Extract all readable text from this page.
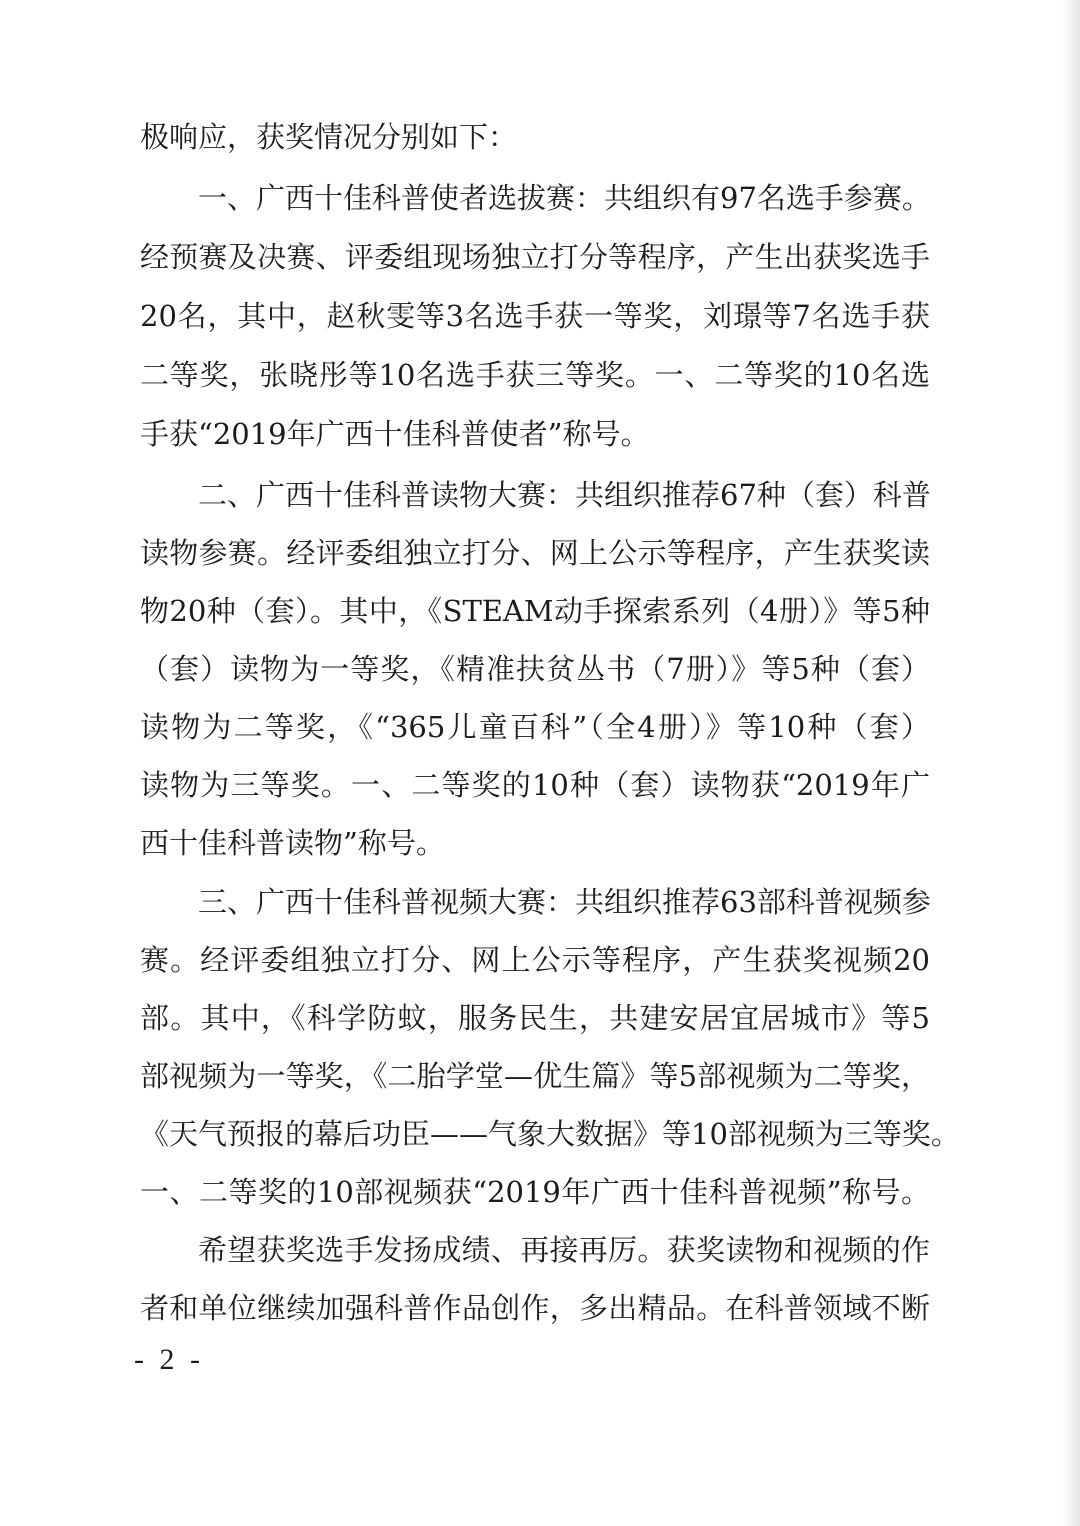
极响应，获奖情况分别如下：
一、广西十佳科普使者选拔赛：共组织有97名选手参赛。
经预赛及决赛、评委组现场独立打分等程序，产生出获奖选手
20名，其中，赵秋雯等3名选手获一等奖，刘璟等7名选手获
二等奖，张晓彤等10名选手获三等奖。一、二等奖的10名选
手获“2019年广西十佳科普使者”称号。
二、广西十佳科普读物大赛：共组织推荐67种（套）科普
读物参赛。经评委组独立打分、网上公示等程序，产生获奖读
物20种（套）。其中，《STEAM动手探索系列（4册）》等5种
（套）读物为一等奖，《精准扶贫丛书（7册）》等5种（套）
读物为二等奖，《“365儿童百科”（全4册）》等10种（套）
读物为三等奖。一、二等奖的10种（套）读物获“2019年广
西十佳科普读物”称号。
三、广西十佳科普视频大赛：共组织推荐63部科普视频参
赛。经评委组独立打分、网上公示等程序，产生获奖视频20
部。其中，《科学防蚊，服务民生，共建安居宜居城市》等5
部视频为一等奖，《二胎学堂—优生篇》等5部视频为二等奖，
《天气预报的幕后功臣——气象大数据》等10部视频为三等奖。
一、二等奖的10部视频获“2019年广西十佳科普视频”称号。
希望获奖选手发扬成绩、再接再厉。获奖读物和视频的作
者和单位继续加强科普作品创作，多出精品。在科普领域不断
- 2 -
